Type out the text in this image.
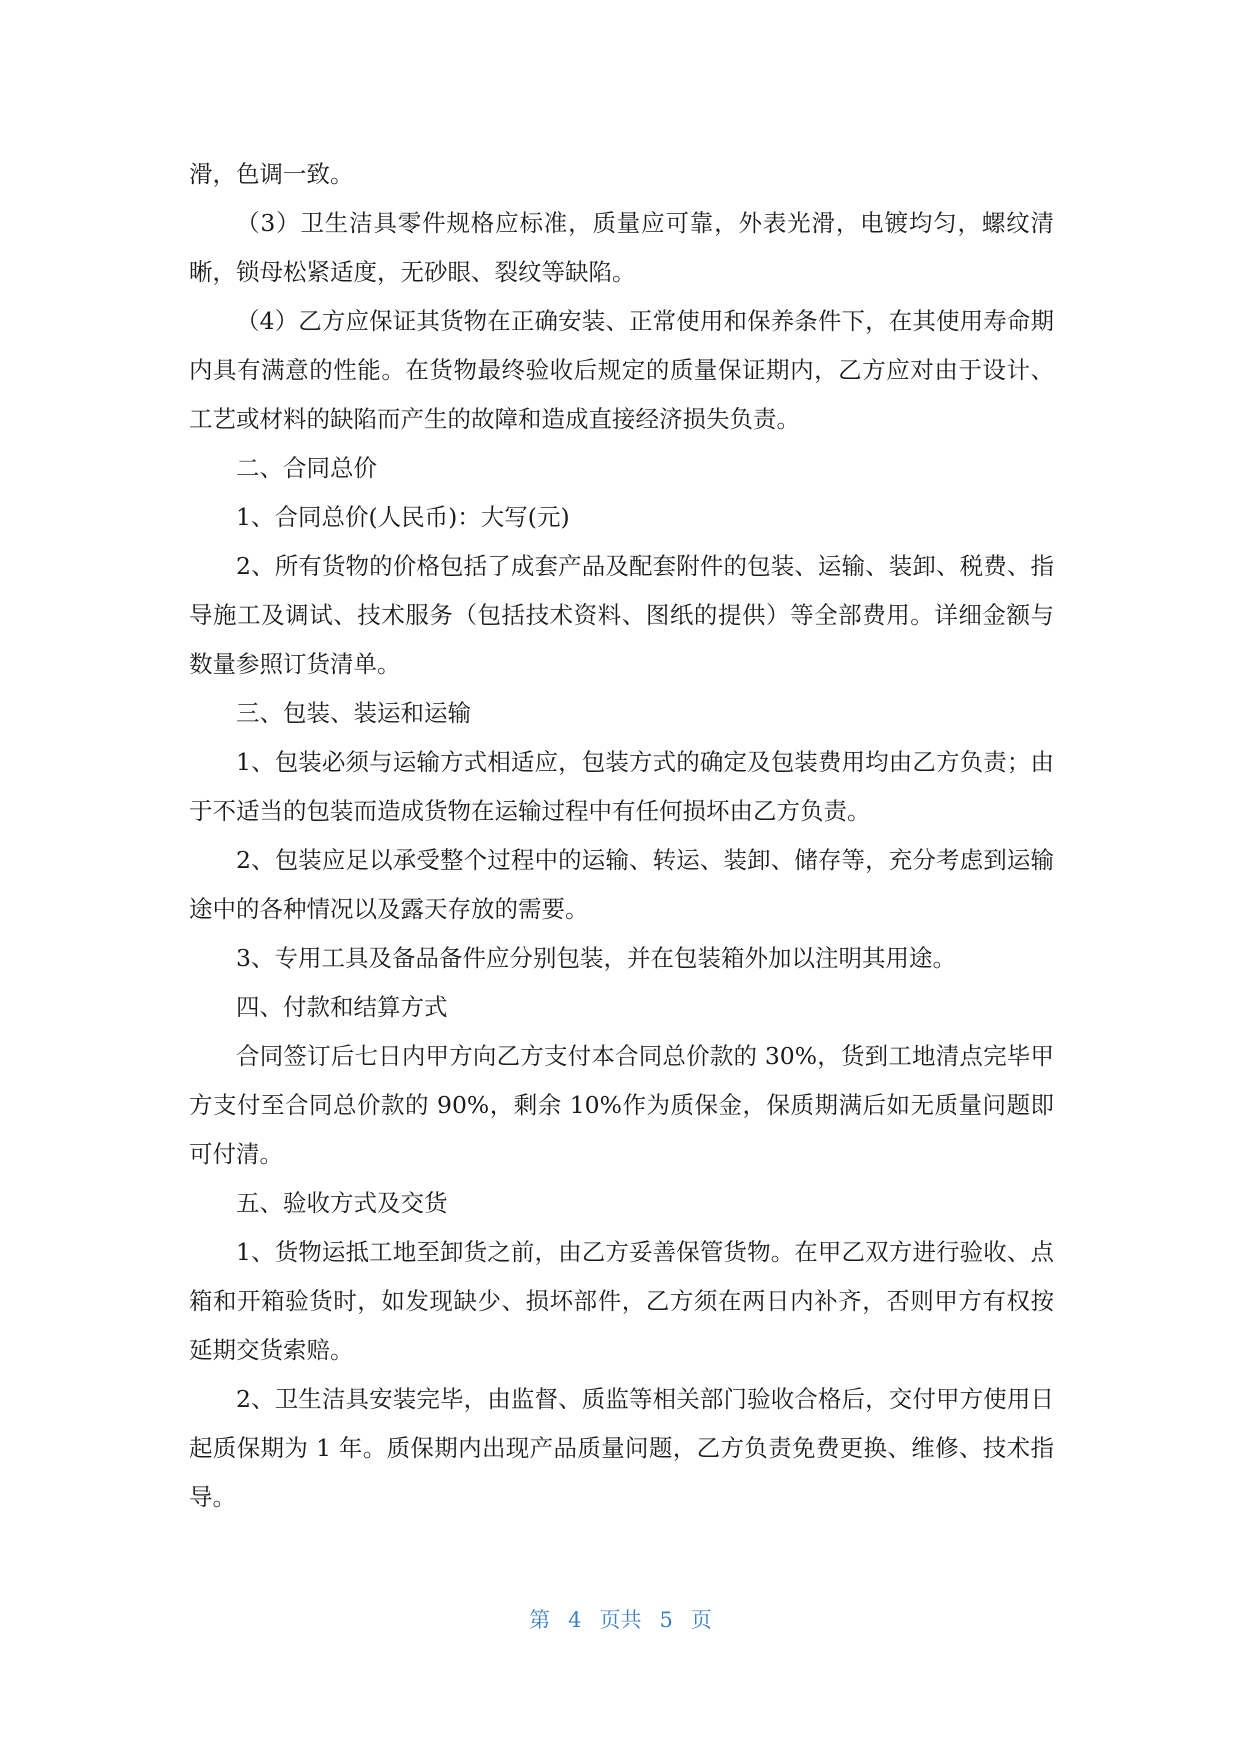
滑，色调一致。

（3）卫生洁具零件规格应标准，质量应可靠，外表光滑，电镀均匀，螺纹清晰，锁母松紧适度，无砂眼、裂纹等缺陷。

（4）乙方应保证其货物在正确安装、正常使用和保养条件下，在其使用寿命期内具有满意的性能。在货物最终验收后规定的质量保证期内，乙方应对由于设计、工艺或材料的缺陷而产生的故障和造成直接经济损失负责。

二、合同总价

1、合同总价(人民币)：大写(元)

2、所有货物的价格包括了成套产品及配套附件的包装、运输、装卸、税费、指导施工及调试、技术服务（包括技术资料、图纸的提供）等全部费用。详细金额与数量参照订货清单。

三、包装、装运和运输

1、包装必须与运输方式相适应，包装方式的确定及包装费用均由乙方负责；由于不适当的包装而造成货物在运输过程中有任何损坏由乙方负责。

2、包装应足以承受整个过程中的运输、转运、装卸、储存等，充分考虑到运输途中的各种情况以及露天存放的需要。

3、专用工具及备品备件应分别包装，并在包装箱外加以注明其用途。

四、付款和结算方式

合同签订后七日内甲方向乙方支付本合同总价款的 30%，货到工地清点完毕甲方支付至合同总价款的 90%，剩余 10%作为质保金，保质期满后如无质量问题即可付清。

五、验收方式及交货

1、货物运抵工地至卸货之前，由乙方妥善保管货物。在甲乙双方进行验收、点箱和开箱验货时，如发现缺少、损坏部件，乙方须在两日内补齐，否则甲方有权按延期交货索赔。

2、卫生洁具安装完毕，由监督、质监等相关部门验收合格后，交付甲方使用日起质保期为 1 年。质保期内出现产品质量问题，乙方负责免费更换、维修、技术指导。

第 4 页共 5 页
